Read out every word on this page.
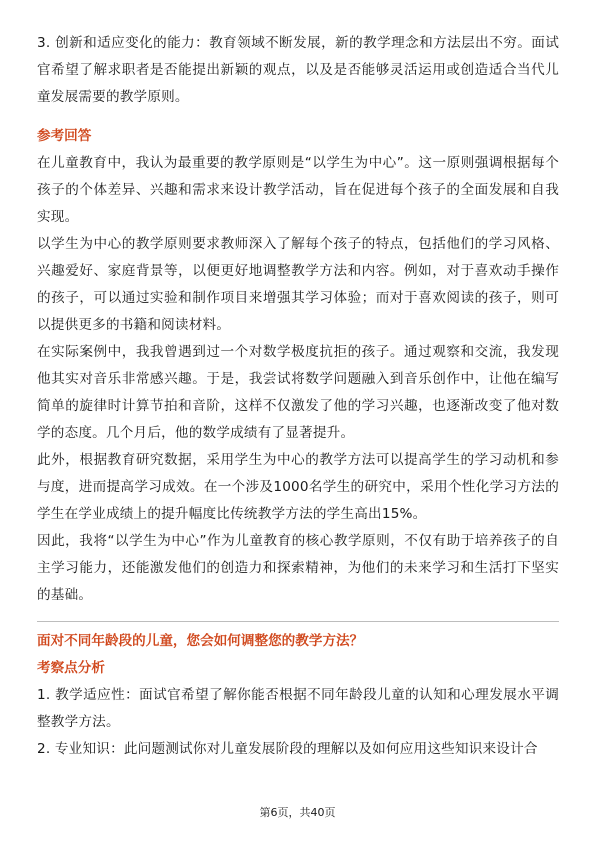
3. 创新和适应变化的能力：教育领域不断发展，新的教学理念和方法层出不穷。面试官希望了解求职者是否能提出新颖的观点，以及是否能够灵活运用或创造适合当代儿童发展需要的教学原则。

参考回答

在儿童教育中，我认为最重要的教学原则是“以学生为中心”。这一原则强调根据每个孩子的个体差异、兴趣和需求来设计教学活动，旨在促进每个孩子的全面发展和自我实现。

以学生为中心的教学原则要求教师深入了解每个孩子的特点，包括他们的学习风格、兴趣爱好、家庭背景等，以便更好地调整教学方法和内容。例如，对于喜欢动手操作的孩子，可以通过实验和制作项目来增强其学习体验；而对于喜欢阅读的孩子，则可以提供更多的书籍和阅读材料。

在实际案例中，我我曾遇到过一个对数学极度抗拒的孩子。通过观察和交流，我发现他其实对音乐非常感兴趣。于是，我尝试将数学问题融入到音乐创作中，让他在编写简单的旋律时计算节拍和音阶，这样不仅激发了他的学习兴趣，也逐渐改变了他对数学的态度。几个月后，他的数学成绩有了显著提升。

此外，根据教育研究数据，采用学生为中心的教学方法可以提高学生的学习动机和参与度，进而提高学习成效。在一个涉及1000名学生的研究中，采用个性化学习方法的学生在学业成绩上的提升幅度比传统教学方法的学生高出15%。

因此，我将“以学生为中心”作为儿童教育的核心教学原则，不仅有助于培养孩子的自主学习能力，还能激发他们的创造力和探索精神，为他们的未来学习和生活打下坚实的基础。

面对不同年龄段的儿童，您会如何调整您的教学方法？

考察点分析

1. 教学适应性：面试官希望了解你能否根据不同年龄段儿童的认知和心理发展水平调整教学方法。

2. 专业知识：此问题测试你对儿童发展阶段的理解以及如何应用这些知识来设计合

第6页，共40页
